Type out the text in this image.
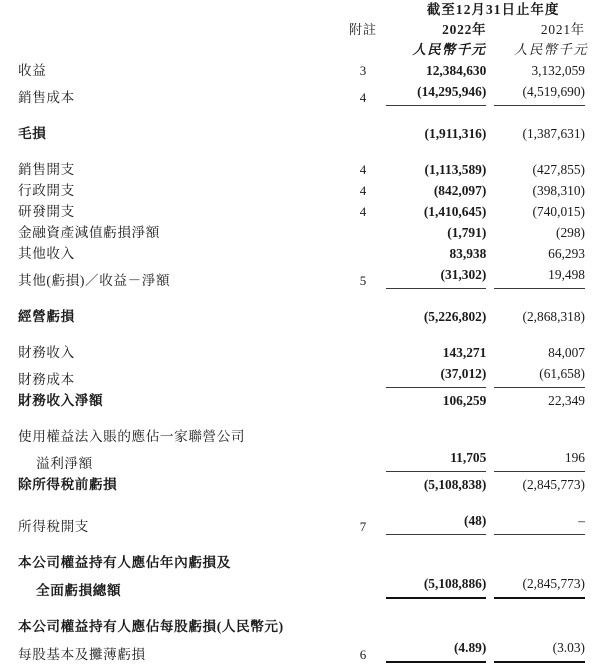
		截至12月31日止年度	
	附註	2022年	2021年
		人民幣千元	人民幣千元
收益	3	12,384,630	3,132,059

銷售成本	4	(14,295,946)	(4,519,690)

毛損		(1,911,316)	(1,387,631)

銷售開支	4	(1,113,589)	(427,855)

行政開支	4	(842,097)	(398,310)

研發開支	4	(1,410,645)	(740,015)

金融資產減值虧損淨額		(1,791)	(298)

其他收入		83,938	66,293

其他(虧損)／收益－淨額	5	(31,302)	19,498

經營虧損		(5,226,802)	(2,868,318)

財務收入		143,271	84,007

財務成本		(37,012)	(61,658)

財務收入淨額		106,259	22,349

使用權益法入賬的應佔一家聯營公司		

溢利淨額		11,705	196

除所得稅前虧損		(5,108,838)	(2,845,773)

所得稅開支	7	(48)	–

本公司權益持有人應佔年內虧損及		

全面虧損總額		(5,108,886)	(2,845,773)

本公司權益持有人應佔每股虧損(人民幣元)		

每股基本及攤薄虧損	6	(4.89)	(3.03)
